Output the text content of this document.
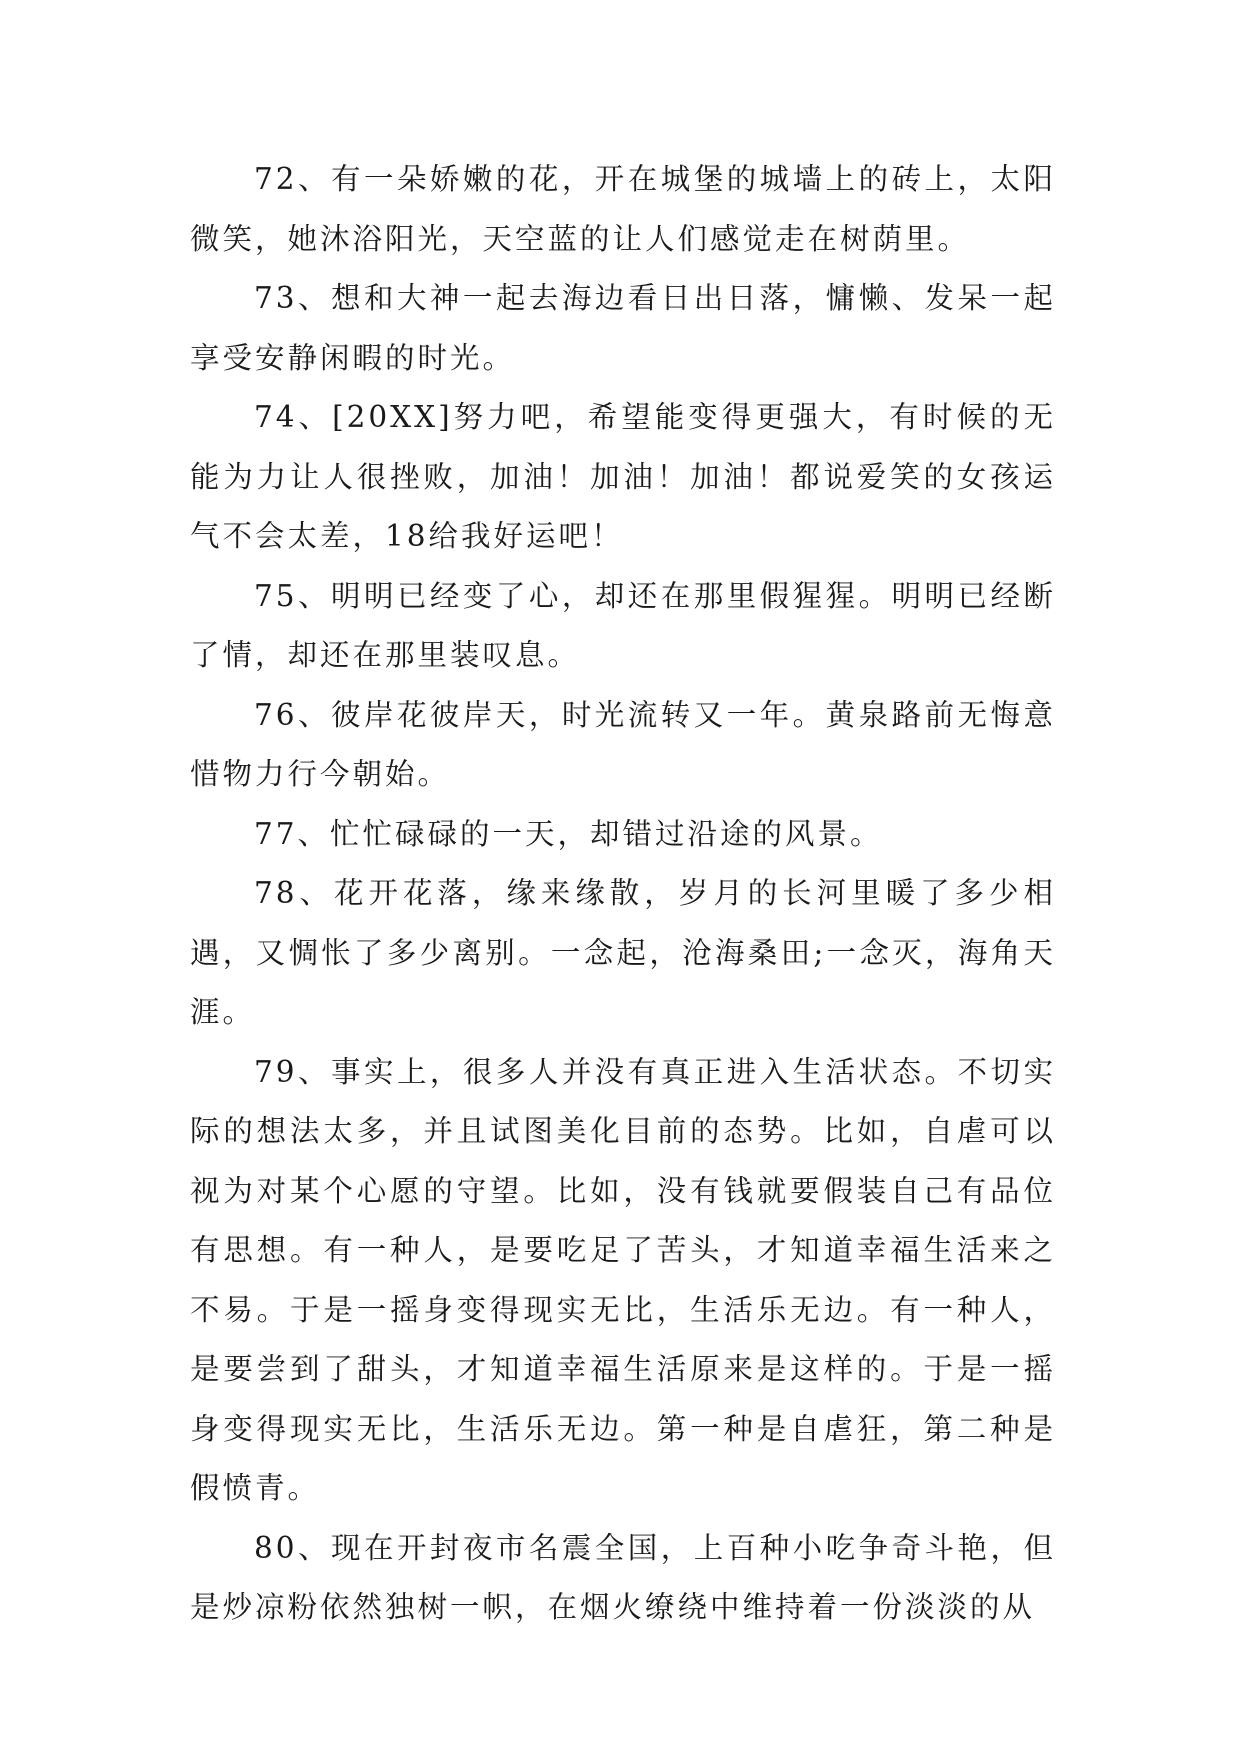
72、有一朵娇嫩的花，开在城堡的城墙上的砖上，太阳微笑，她沐浴阳光，天空蓝的让人们感觉走在树荫里。

73、想和大神一起去海边看日出日落，慵懒、发呆一起享受安静闲暇的时光。

74、[20XX]努力吧，希望能变得更强大，有时候的无能为力让人很挫败，加油！加油！加油！都说爱笑的女孩运气不会太差，18给我好运吧！

75、明明已经变了心，却还在那里假猩猩。明明已经断了情，却还在那里装叹息。

76、彼岸花彼岸天，时光流转又一年。黄泉路前无悔意惜物力行今朝始。

77、忙忙碌碌的一天，却错过沿途的风景。

78、花开花落，缘来缘散，岁月的长河里暖了多少相遇，又惆怅了多少离别。一念起，沧海桑田;一念灭，海角天涯。

79、事实上，很多人并没有真正进入生活状态。不切实际的想法太多，并且试图美化目前的态势。比如，自虐可以视为对某个心愿的守望。比如，没有钱就要假装自己有品位有思想。有一种人，是要吃足了苦头，才知道幸福生活来之不易。于是一摇身变得现实无比，生活乐无边。有一种人，是要尝到了甜头，才知道幸福生活原来是这样的。于是一摇身变得现实无比，生活乐无边。第一种是自虐狂，第二种是假愤青。

80、现在开封夜市名震全国，上百种小吃争奇斗艳，但是炒凉粉依然独树一帜，在烟火缭绕中维持着一份淡淡的从
